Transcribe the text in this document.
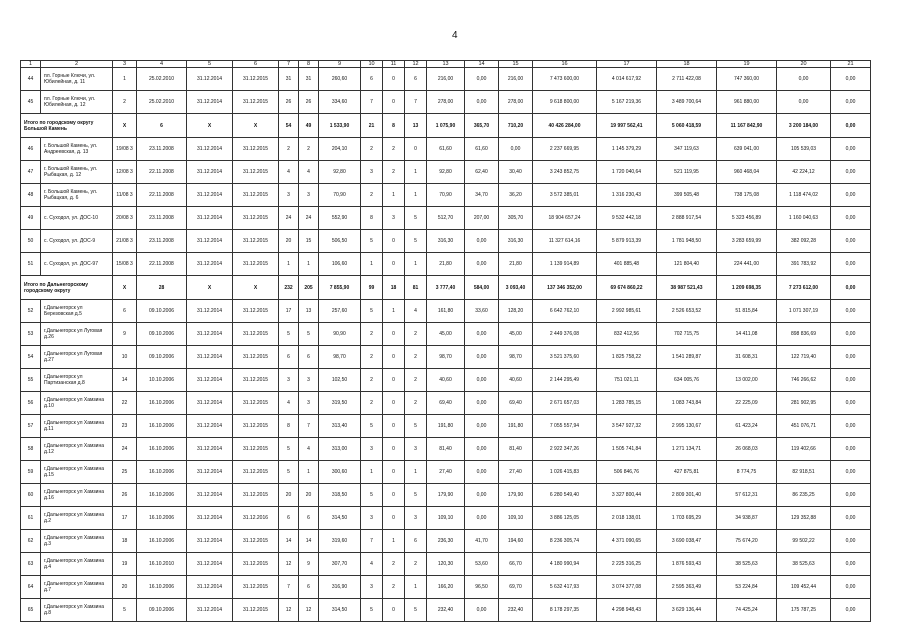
4
1	2	3	4	5	6	7	8	9	10	11	12	13	14	15	16	17	18	19	20	21
44	пл. Горные Ключи, ул. Юбилейная, д. 11	1	25.02.2010	31.12.2014	31.12.2015	31	31	260,60	6	0	6	216,00	0,00	216,00	7 473 600,00	4 014 617,92	2 711 422,08	747 360,00	0,00	0,00
45	пл. Горные Ключи, ул. Юбилейная, д. 12	2	25.02.2010	31.12.2014	31.12.2015	26	26	334,60	7	0	7	278,00	0,00	278,00	9 618 800,00	5 167 219,36	3 489 700,64	961 880,00	0,00	0,00
Итого по городскому округу Большой Камень		X	6	X	X	54	49	1 533,90	21	8	13	1 075,90	365,70	710,20	40 426 284,00	19 997 562,41	5 060 418,59	11 167 842,90	3 200 184,00	0,00
46	г. Большой Камень, ул. Андреевская, д. 13	19/08 3	23.11.2008	31.12.2014	31.12.2015	2	2	204,10	2	2	0	61,60	61,60	0,00	2 237 669,95	1 145 379,29	347 119,63	639 041,00	105 539,03	0,00
47	г. Большой Камень, ул. Рыбацкая, д. 12	12/08 3	22.11.2008	31.12.2014	31.12.2015	4	4	92,80	3	2	1	92,80	62,40	30,40	3 243 852,75	1 720 040,64	521 119,95	960 468,04	42 224,12	0,00
48	г. Большой Камень, ул. Рыбацкая, д. 6	11/08 3	22.11.2008	31.12.2014	31.12.2015	3	3	70,90	2	1	1	70,90	34,70	36,20	3 572 385,01	1 316 230,43	399 505,48	738 175,08	1 118 474,02	0,00
49	с. Суходол, ул. ДОС-10	20/08 3	23.11.2008	31.12.2014	31.12.2015	24	24	552,90	8	3	5	512,70	207,00	305,70	18 904 657,24	9 532 442,18	2 888 917,54	5 323 456,89	1 160 040,63	0,00
50	с. Суходол, ул. ДОС-9	21/08 3	23.11.2008	31.12.2014	31.12.2015	20	15	506,50	5	0	5	316,30	0,00	316,30	11 327 614,16	5 879 913,39	1 781 948,50	3 283 659,99	382 092,28	0,00
51	с. Суходол, ул. ДОС-97	15/08 3	22.11.2008	31.12.2014	31.12.2015	1	1	106,60	1	0	1	21,80	0,00	21,80	1 139 914,89	401 885,48	121 804,40	224 441,00	391 783,92	0,00
Итого по Дальнегорскому городскому округу		X	28	X	X	232	205	7 855,90	99	18	81	3 777,40	584,00	3 093,40	137 346 352,00	69 674 860,22	38 987 521,43	1 209 698,35	7 273 612,00	0,00
52	г.Дальнегорск ул Березовская д.5	6	09.10.2006	31.12.2014	31.12.2015	17	13	257,60	5	1	4	161,80	33,60	128,20	6 642 762,10	2 992 985,61	2 526 653,52	51 815,84	1 071 307,19	0,00
53	г.Дальнегорск ул Луговая д.26	9	09.10.2006	31.12.2014	31.12.2015	5	5	90,90	2	0	2	45,00	0,00	45,00	2 449 376,08	832 412,56	702 715,75	14 411,08	898 836,69	0,00
54	г.Дальнегорск ул Луговая д.27	10	09.10.2006	31.12.2014	31.12.2015	6	6	98,70	2	0	2	98,70	0,00	98,70	3 521 375,60	1 825 758,22	1 541 289,87	31 608,31	122 719,40	0,00
55	г.Дальнегорск ул Партизанская д.8	14	10.10.2006	31.12.2014	31.12.2015	3	3	102,50	2	0	2	40,60	0,00	40,60	2 144 295,49	751 021,11	634 005,76	13 002,00	746 266,62	0,00
56	г.Дальнегорск ул Хамзина д.10	22	16.10.2006	31.12.2014	31.12.2015	4	3	319,50	2	0	2	69,40	0,00	69,40	2 671 657,03	1 283 785,15	1 083 743,84	22 225,09	281 902,95	0,00
57	г.Дальнегорск ул Хамзина д.11	23	16.10.2006	31.12.2014	31.12.2015	8	7	313,40	5	0	5	191,80	0,00	191,80	7 055 557,94	3 547 927,32	2 995 130,67	61 423,24	451 076,71	0,00
58	г.Дальнегорск ул Хамзина д.12	24	16.10.2006	31.12.2014	31.12.2015	5	4	313,00	3	0	3	81,40	0,00	81,40	2 922 347,26	1 505 741,84	1 271 134,71	26 068,03	119 402,66	0,00
59	г.Дальнегорск ул Хамзина д.15	25	16.10.2006	31.12.2014	31.12.2015	5	1	300,60	1	0	1	27,40	0,00	27,40	1 026 415,83	506 846,76	427 875,81	8 774,75	82 918,51	0,00
60	г.Дальнегорск ул Хамзина д.16	26	16.10.2006	31.12.2014	31.12.2015	20	20	318,50	5	0	5	179,90	0,00	179,90	6 280 549,40	3 327 800,44	2 809 301,40	57 612,31	86 235,25	0,00
61	г.Дальнегорск ул Хамзина д.2	17	16.10.2006	31.12.2014	31.12.2016	6	6	314,50	3	0	3	109,10	0,00	109,10	3 886 125,05	2 018 138,01	1 703 695,29	34 938,87	129 352,88	0,00
62	г.Дальнегорск ул Хамзина д.3	18	16.10.2006	31.12.2014	31.12.2015	14	14	319,60	7	1	6	236,30	41,70	194,60	8 236 305,74	4 371 090,65	3 690 038,47	75 674,20	99 502,22	0,00
63	г.Дальнегорск ул Хамзина д.4	19	16.10.2010	31.12.2014	31.12.2015	12	9	307,70	4	2	2	120,30	53,60	66,70	4 180 990,94	2 225 316,25	1 876 593,43	38 525,63	38 525,63	0,00
64	г.Дальнегорск ул Хамзина д.7	20	16.10.2006	31.12.2014	31.12.2015	7	6	316,90	3	2	1	166,20	96,50	69,70	5 632 417,93	3 074 377,08	2 595 363,49	53 224,84	109 452,44	0,00
65	г.Дальнегорск ул Хамзина д.8	5	09.10.2006	31.12.2014	31.12.2015	12	12	314,50	5	0	5	232,40	0,00	232,40	8 178 297,35	4 298 948,43	3 629 136,44	74 425,24	175 787,25	0,00
